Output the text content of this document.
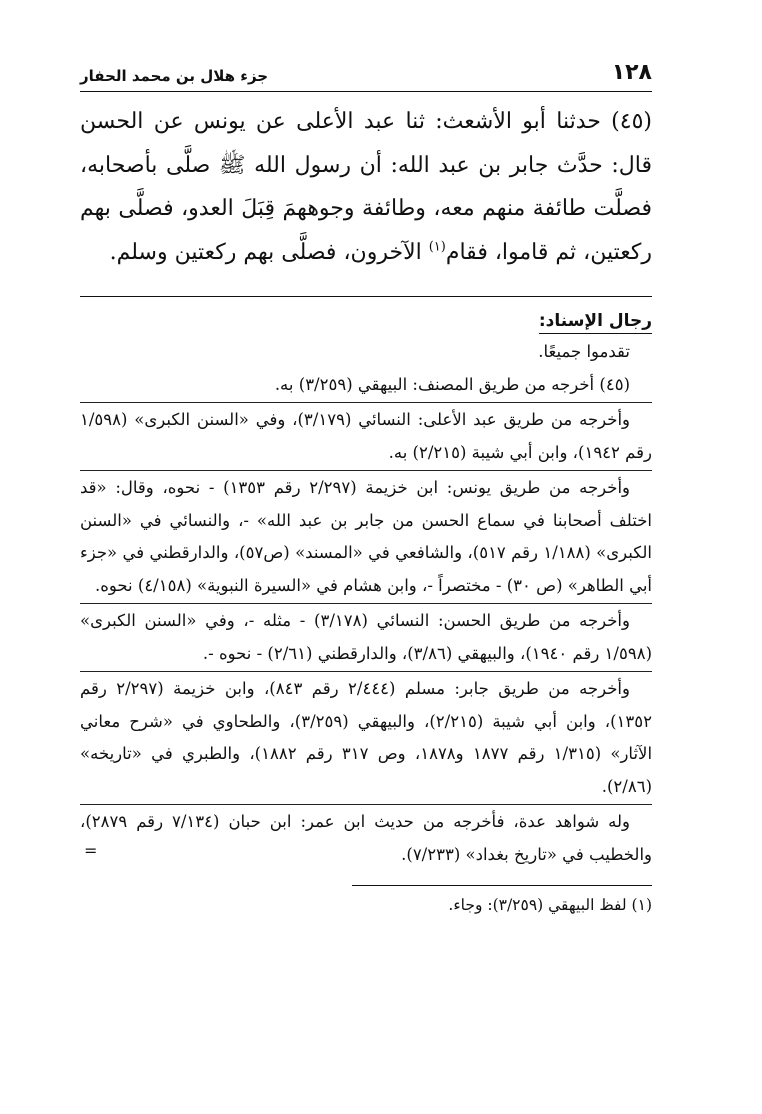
١٢٨
جزء هلال بن محمد الحفار

(٤٥) حدثنا أبو الأشعث: ثنا عبد الأعلى عن يونس عن الحسن قال: حدَّث جابر بن عبد الله: أن رسول الله ﷺ صلَّى بأصحابه، فصلَّت طائفة منهم معه، وطائفة وجوههمَ قِبَلَ العدو، فصلَّى بهم ركعتين، ثم قاموا، فقام$^{(١)}$ الآخرون، فصلَّى بهم ركعتين وسلم.

رجال الإسناد:

تقدموا جميعًا.

(٤٥) أخرجه من طريق المصنف: البيهقي (٣/٢٥٩) به.

وأخرجه من طريق عبد الأعلى: النسائي (٣/١٧٩)، وفي «السنن الكبرى» (١/٥٩٨ رقم ١٩٤٢)، وابن أبي شيبة (٢/٢١٥) به.

وأخرجه من طريق يونس: ابن خزيمة (٢/٢٩٧ رقم ١٣٥٣) - نحوه، وقال: «قد اختلف أصحابنا في سماع الحسن من جابر بن عبد الله» -، والنسائي في «السنن الكبرى» (١/١٨٨ رقم ٥١٧)، والشافعي في «المسند» (ص٥٧)، والدارقطني في «جزء أبي الطاهر» (ص ٣٠) - مختصراً -، وابن هشام في «السيرة النبوية» (٤/١٥٨) نحوه.

وأخرجه من طريق الحسن: النسائي (٣/١٧٨) - مثله -، وفي «السنن الكبرى» (١/٥٩٨ رقم ١٩٤٠)، والبيهقي (٣/٨٦)، والدارقطني (٢/٦١) - نحوه -.

وأخرجه من طريق جابر: مسلم (٢/٤٤٤ رقم ٨٤٣)، وابن خزيمة (٢/٢٩٧ رقم ١٣٥٢)، وابن أبي شيبة (٢/٢١٥)، والبيهقي (٣/٢٥٩)، والطحاوي في «شرح معاني الآثار» (١/٣١٥ رقم ١٨٧٧ و١٨٧٨، وص ٣١٧ رقم ١٨٨٢)، والطبري في «تاريخه» (٢/٨٦).

وله شواهد عدة، فأخرجه من حديث ابن عمر: ابن حبان (٧/١٣٤ رقم ٢٨٧٩)، والخطيب في «تاريخ بغداد» (٧/٢٣٣).

=
(١) لفظ البيهقي (٣/٢٥٩): وجاء.
